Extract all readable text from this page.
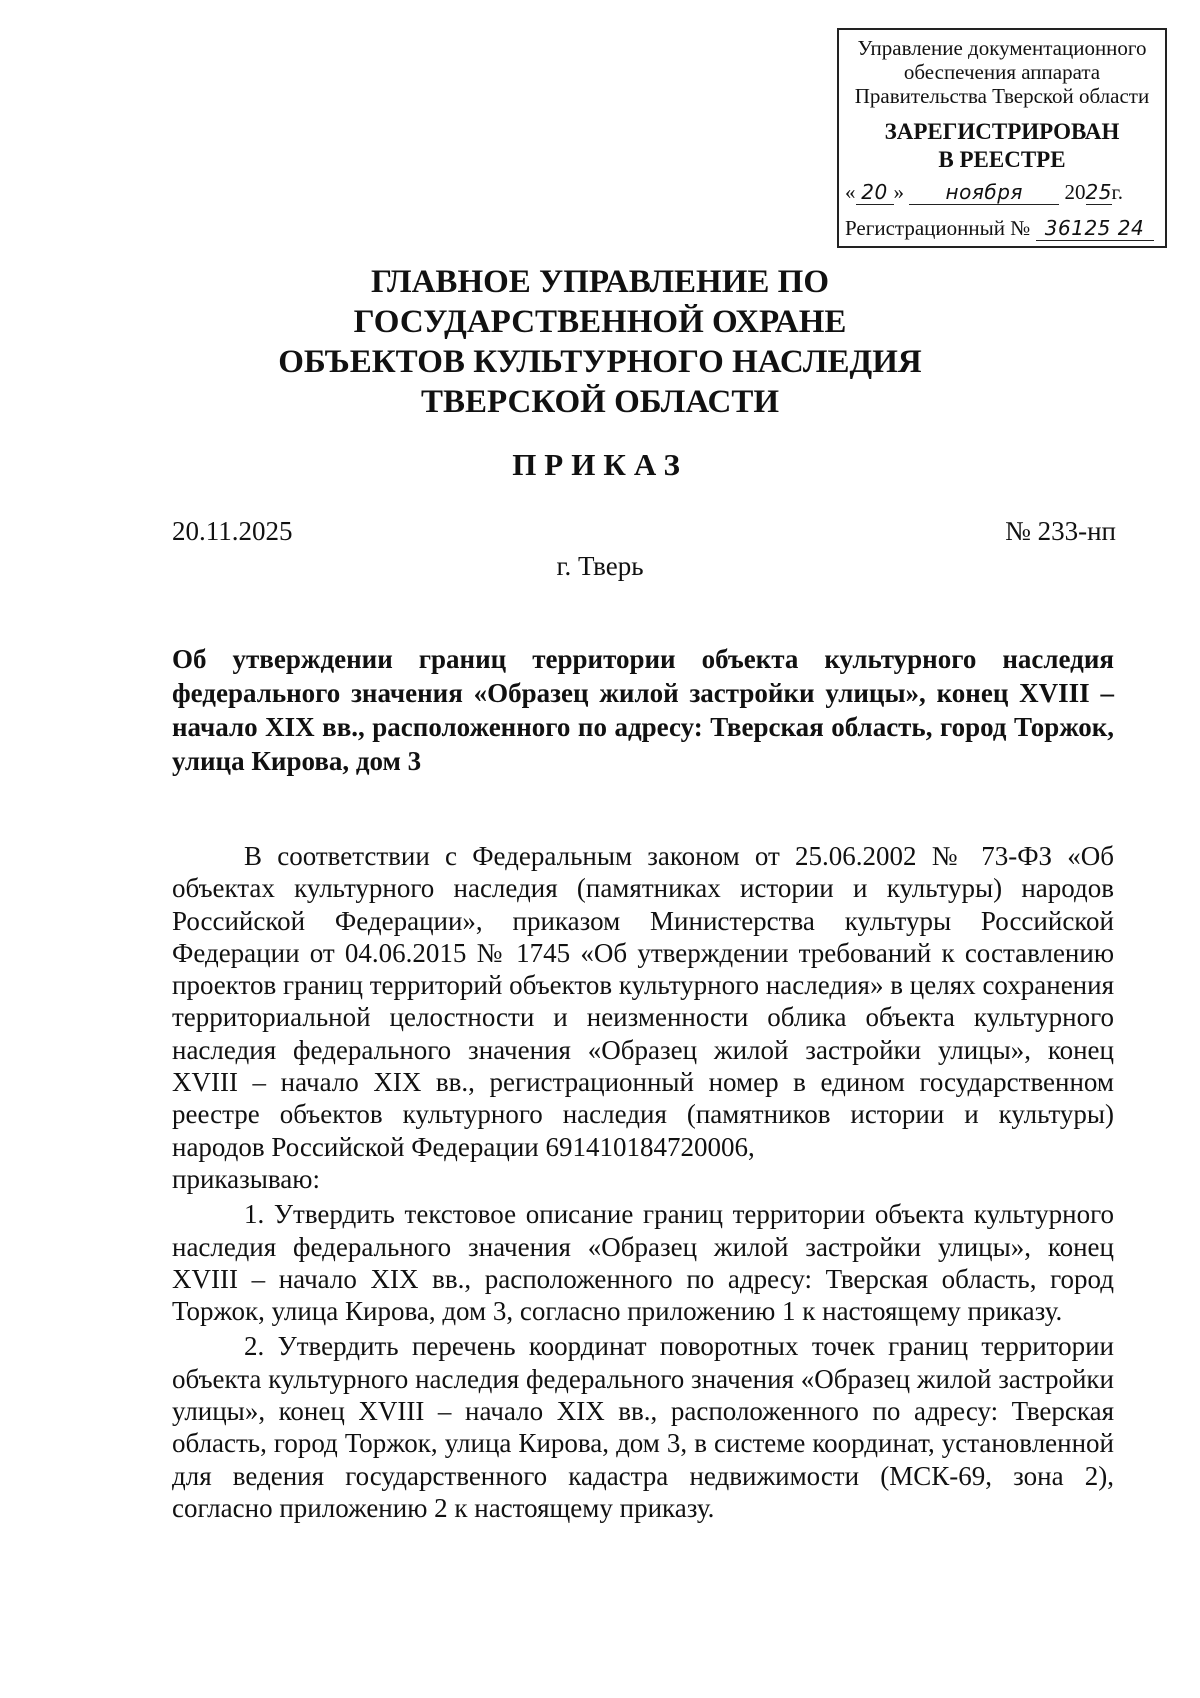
Управление документационного
обеспечения аппарата
Правительства Тверской области
ЗАРЕГИСТРИРОВАН
В РЕЕСТРЕ
« 20 » ноября 2025г.
Регистрационный № 36125 24
ГЛАВНОЕ УПРАВЛЕНИЕ ПО
ГОСУДАРСТВЕННОЙ ОХРАНЕ
ОБЪЕКТОВ КУЛЬТУРНОГО НАСЛЕДИЯ
ТВЕРСКОЙ ОБЛАСТИ
ПРИКАЗ
20.11.2025	№ 233-нп
г. Тверь
Об утверждении границ территории объекта культурного наследия федерального значения «Образец жилой застройки улицы», конец XVIII – начало XIX вв., расположенного по адресу: Тверская область, город Торжок, улица Кирова, дом 3

В соответствии с Федеральным законом от 25.06.2002 № 73-ФЗ «Об объектах культурного наследия (памятниках истории и культуры) народов Российской Федерации», приказом Министерства культуры Российской Федерации от 04.06.2015 № 1745 «Об утверждении требований к составлению проектов границ территорий объектов культурного наследия» в целях сохранения территориальной целостности и неизменности облика объекта культурного наследия федерального значения «Образец жилой застройки улицы», конец XVIII – начало XIX вв., регистрационный номер в едином государственном реестре объектов культурного наследия (памятников истории и культуры) народов Российской Федерации 691410184720006,

приказываю:

1. Утвердить текстовое описание границ территории объекта культурного наследия федерального значения «Образец жилой застройки улицы», конец XVIII – начало XIX вв., расположенного по адресу: Тверская область, город Торжок, улица Кирова, дом 3, согласно приложению 1 к настоящему приказу.

2. Утвердить перечень координат поворотных точек границ территории объекта культурного наследия федерального значения «Образец жилой застройки улицы», конец XVIII – начало XIX вв., расположенного по адресу: Тверская область, город Торжок, улица Кирова, дом 3, в системе координат, установленной для ведения государственного кадастра недвижимости (МСК-69, зона 2), согласно приложению 2 к настоящему приказу.
